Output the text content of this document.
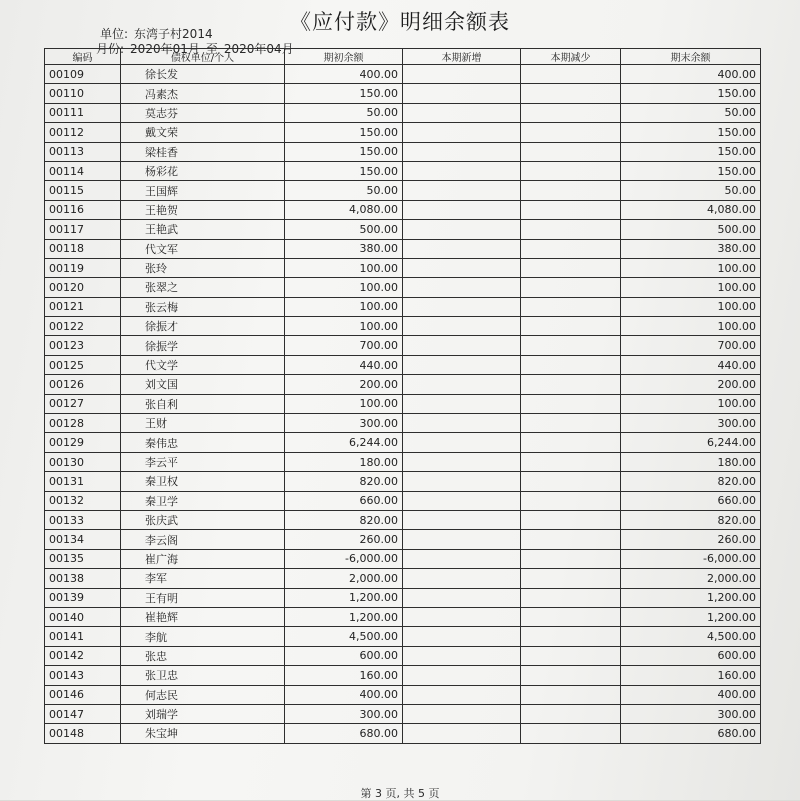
《应付款》明细余额表
单位: 东湾子村2014
月份: 2020年01月 至 2020年04月
编码	债权单位/个人	期初余额	本期新增	本期减少	期末余额
00109	徐长发	400.00			400.00
00110	冯素杰	150.00			150.00
00111	莫志芬	50.00			50.00
00112	戴文荣	150.00			150.00
00113	梁桂香	150.00			150.00
00114	杨彩花	150.00			150.00
00115	王国辉	50.00			50.00
00116	王艳贺	4,080.00			4,080.00
00117	王艳武	500.00			500.00
00118	代文军	380.00			380.00
00119	张玲	100.00			100.00
00120	张翠之	100.00			100.00
00121	张云梅	100.00			100.00
00122	徐振才	100.00			100.00
00123	徐振学	700.00			700.00
00125	代文学	440.00			440.00
00126	刘文国	200.00			200.00
00127	张自利	100.00			100.00
00128	王财	300.00			300.00
00129	秦伟忠	6,244.00			6,244.00
00130	李云平	180.00			180.00
00131	秦卫权	820.00			820.00
00132	秦卫学	660.00			660.00
00133	张庆武	820.00			820.00
00134	李云阁	260.00			260.00
00135	崔广海	-6,000.00			-6,000.00
00138	李军	2,000.00			2,000.00
00139	王有明	1,200.00			1,200.00
00140	崔艳辉	1,200.00			1,200.00
00141	李航	4,500.00			4,500.00
00142	张忠	600.00			600.00
00143	张卫忠	160.00			160.00
00146	何志民	400.00			400.00
00147	刘瑞学	300.00			300.00
00148	朱宝坤	680.00			680.00
第 3 页, 共 5 页
